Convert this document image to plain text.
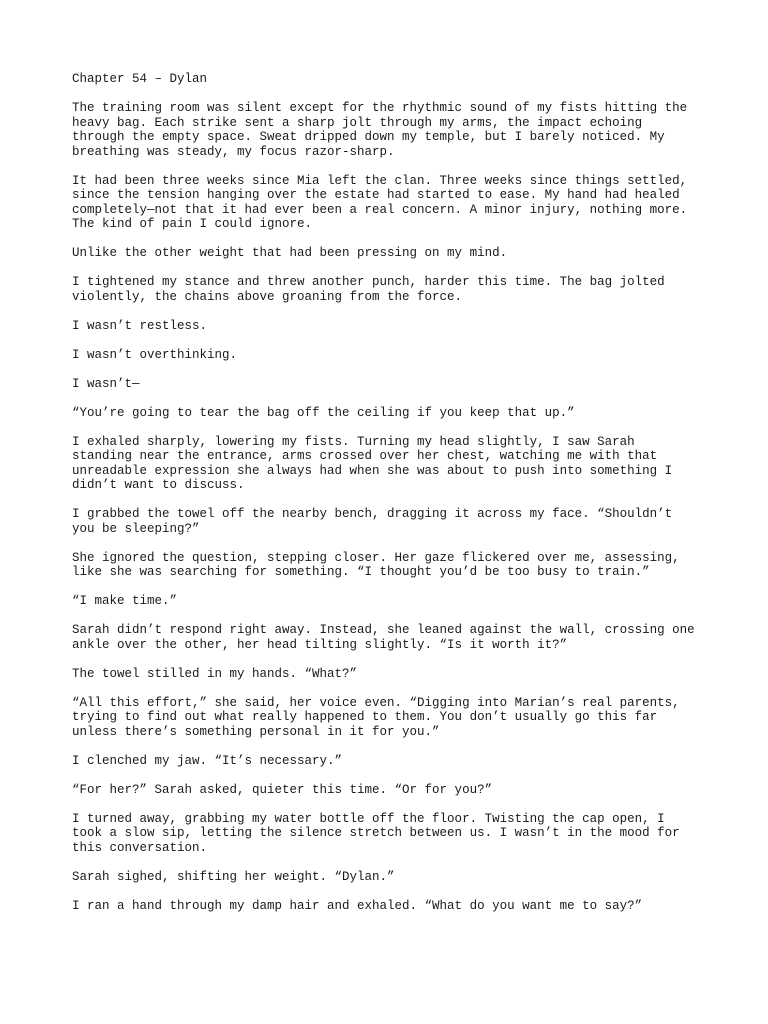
Chapter 54 – Dylan

The training room was silent except for the rhythmic sound of my fists hitting the heavy bag. Each strike sent a sharp jolt through my arms, the impact echoing through the empty space. Sweat dripped down my temple, but I barely noticed. My breathing was steady, my focus razor-sharp.

It had been three weeks since Mia left the clan. Three weeks since things settled, since the tension hanging over the estate had started to ease. My hand had healed completely—not that it had ever been a real concern. A minor injury, nothing more. The kind of pain I could ignore.

Unlike the other weight that had been pressing on my mind.

I tightened my stance and threw another punch, harder this time. The bag jolted violently, the chains above groaning from the force.

I wasn’t restless.

I wasn’t overthinking.

I wasn’t—

“You’re going to tear the bag off the ceiling if you keep that up.”

I exhaled sharply, lowering my fists. Turning my head slightly, I saw Sarah standing near the entrance, arms crossed over her chest, watching me with that unreadable expression she always had when she was about to push into something I didn’t want to discuss.

I grabbed the towel off the nearby bench, dragging it across my face. “Shouldn’t you be sleeping?”

She ignored the question, stepping closer. Her gaze flickered over me, assessing, like she was searching for something. “I thought you’d be too busy to train.”

“I make time.”

Sarah didn’t respond right away. Instead, she leaned against the wall, crossing one ankle over the other, her head tilting slightly. “Is it worth it?”

The towel stilled in my hands. “What?”

“All this effort,” she said, her voice even. “Digging into Marian’s real parents, trying to find out what really happened to them. You don’t usually go this far unless there’s something personal in it for you.”

I clenched my jaw. “It’s necessary.”

“For her?” Sarah asked, quieter this time. “Or for you?”

I turned away, grabbing my water bottle off the floor. Twisting the cap open, I took a slow sip, letting the silence stretch between us. I wasn’t in the mood for this conversation.

Sarah sighed, shifting her weight. “Dylan.”

I ran a hand through my damp hair and exhaled. “What do you want me to say?”
